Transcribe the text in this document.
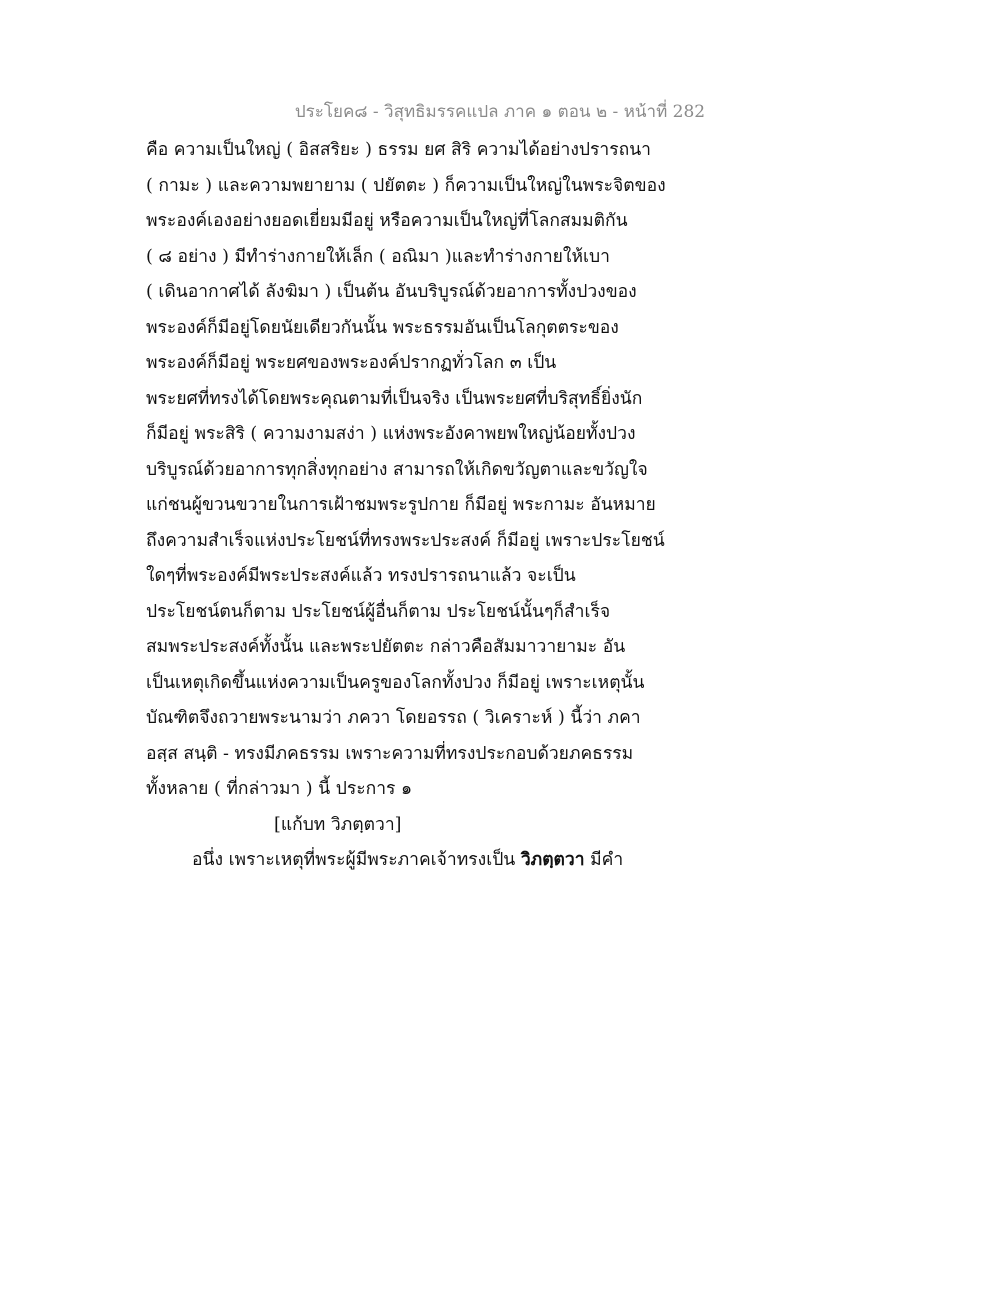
ประโยค๘ - วิสุทธิมรรคแปล ภาค ๑ ตอน ๒ - หน้าที่ 282
คือ ความเป็นใหญ่ ( อิสสริยะ ) ธรรม ยศ สิริ ความได้อย่างปรารถนา
( กามะ ) และความพยายาม ( ปยัตตะ ) ก็ความเป็นใหญ่ในพระจิตของ
พระองค์เองอย่างยอดเยี่ยมมีอยู่ หรือความเป็นใหญ่ที่โลกสมมติกัน
( ๘ อย่าง ) มีทำร่างกายให้เล็ก ( อณิมา )และทำร่างกายให้เบา
( เดินอากาศได้ ลังฆิมา ) เป็นต้น อันบริบูรณ์ด้วยอาการทั้งปวงของ
พระองค์ก็มีอยู่โดยนัยเดียวกันนั้น พระธรรมอันเป็นโลกุตตระของ
พระองค์ก็มีอยู่ พระยศของพระองค์ปรากฏทั่วโลก ๓ เป็น
พระยศที่ทรงได้โดยพระคุณตามที่เป็นจริง เป็นพระยศที่บริสุทธิ์ยิ่งนัก
ก็มีอยู่ พระสิริ ( ความงามสง่า ) แห่งพระอังคาพยพใหญ่น้อยทั้งปวง
บริบูรณ์ด้วยอาการทุกสิ่งทุกอย่าง สามารถให้เกิดขวัญตาและขวัญใจ
แก่ชนผู้ขวนขวายในการเฝ้าชมพระรูปกาย ก็มีอยู่ พระกามะ อันหมาย
ถึงความสำเร็จแห่งประโยชน์ที่ทรงพระประสงค์ ก็มีอยู่ เพราะประโยชน์
ใดๆที่พระองค์มีพระประสงค์แล้ว ทรงปรารถนาแล้ว จะเป็น
ประโยชน์ตนก็ตาม ประโยชน์ผู้อื่นก็ตาม ประโยชน์นั้นๆก็สำเร็จ
สมพระประสงค์ทั้งนั้น และพระปยัตตะ กล่าวคือสัมมาวายามะ อัน
เป็นเหตุเกิดขึ้นแห่งความเป็นครูของโลกทั้งปวง ก็มีอยู่ เพราะเหตุนั้น
บัณฑิตจึงถวายพระนามว่า ภควา โดยอรรถ ( วิเคราะห์ ) นี้ว่า ภคา
อสฺส สนฺติ - ทรงมีภคธรรม เพราะความที่ทรงประกอบด้วยภคธรรม
ทั้งหลาย ( ที่กล่าวมา ) นี้ ประการ ๑
[แก้บท วิภตฺตวา]
อนึ่ง เพราะเหตุที่พระผู้มีพระภาคเจ้าทรงเป็น วิภตฺตวา มีคำ
